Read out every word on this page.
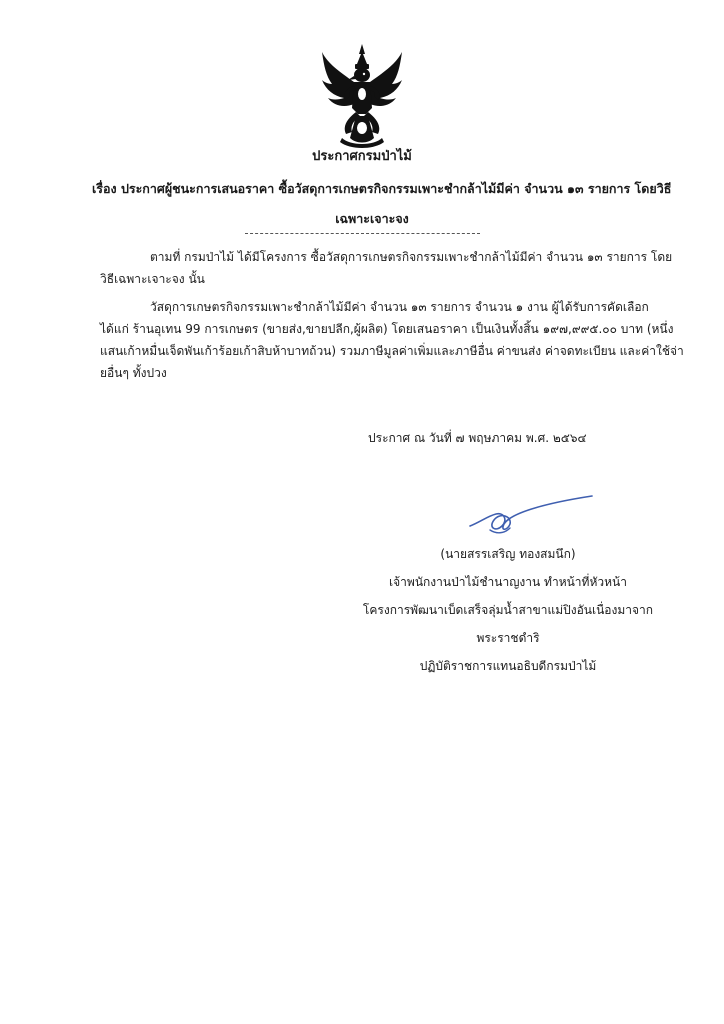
ประกาศกรมป่าไม้
เรื่อง ประกาศผู้ชนะการเสนอราคา ซื้อวัสดุการเกษตรกิจกรรมเพาะชำกล้าไม้มีค่า จำนวน ๑๓ รายการ โดยวิธี
เฉพาะเจาะจง
ตามที่ กรมป่าไม้ ได้มีโครงการ ซื้อวัสดุการเกษตรกิจกรรมเพาะชำกล้าไม้มีค่า จำนวน ๑๓ รายการ โดย
วิธีเฉพาะเจาะจง นั้น
วัสดุการเกษตรกิจกรรมเพาะชำกล้าไม้มีค่า จำนวน ๑๓ รายการ จำนวน ๑ งาน ผู้ได้รับการคัดเลือก
ได้แก่ ร้านอุเทน 99 การเกษตร (ขายส่ง,ขายปลีก,ผู้ผลิต) โดยเสนอราคา เป็นเงินทั้งสิ้น ๑๙๗,๙๙๕.๐๐ บาท (หนึ่ง
แสนเก้าหมื่นเจ็ดพันเก้าร้อยเก้าสิบห้าบาทถ้วน) รวมภาษีมูลค่าเพิ่มและภาษีอื่น ค่าขนส่ง ค่าจดทะเบียน และค่าใช้จ่า
ยอื่นๆ ทั้งปวง
ประกาศ ณ วันที่ ๗ พฤษภาคม พ.ศ. ๒๕๖๔
(นายสรรเสริญ ทองสมนึก)
เจ้าพนักงานป่าไม้ชำนาญงาน ทำหน้าที่หัวหน้า
โครงการพัฒนาเบ็ดเสร็จลุ่มน้ำสาขาแม่ปิงอันเนื่องมาจาก
พระราชดำริ
ปฏิบัติราชการแทนอธิบดีกรมป่าไม้
